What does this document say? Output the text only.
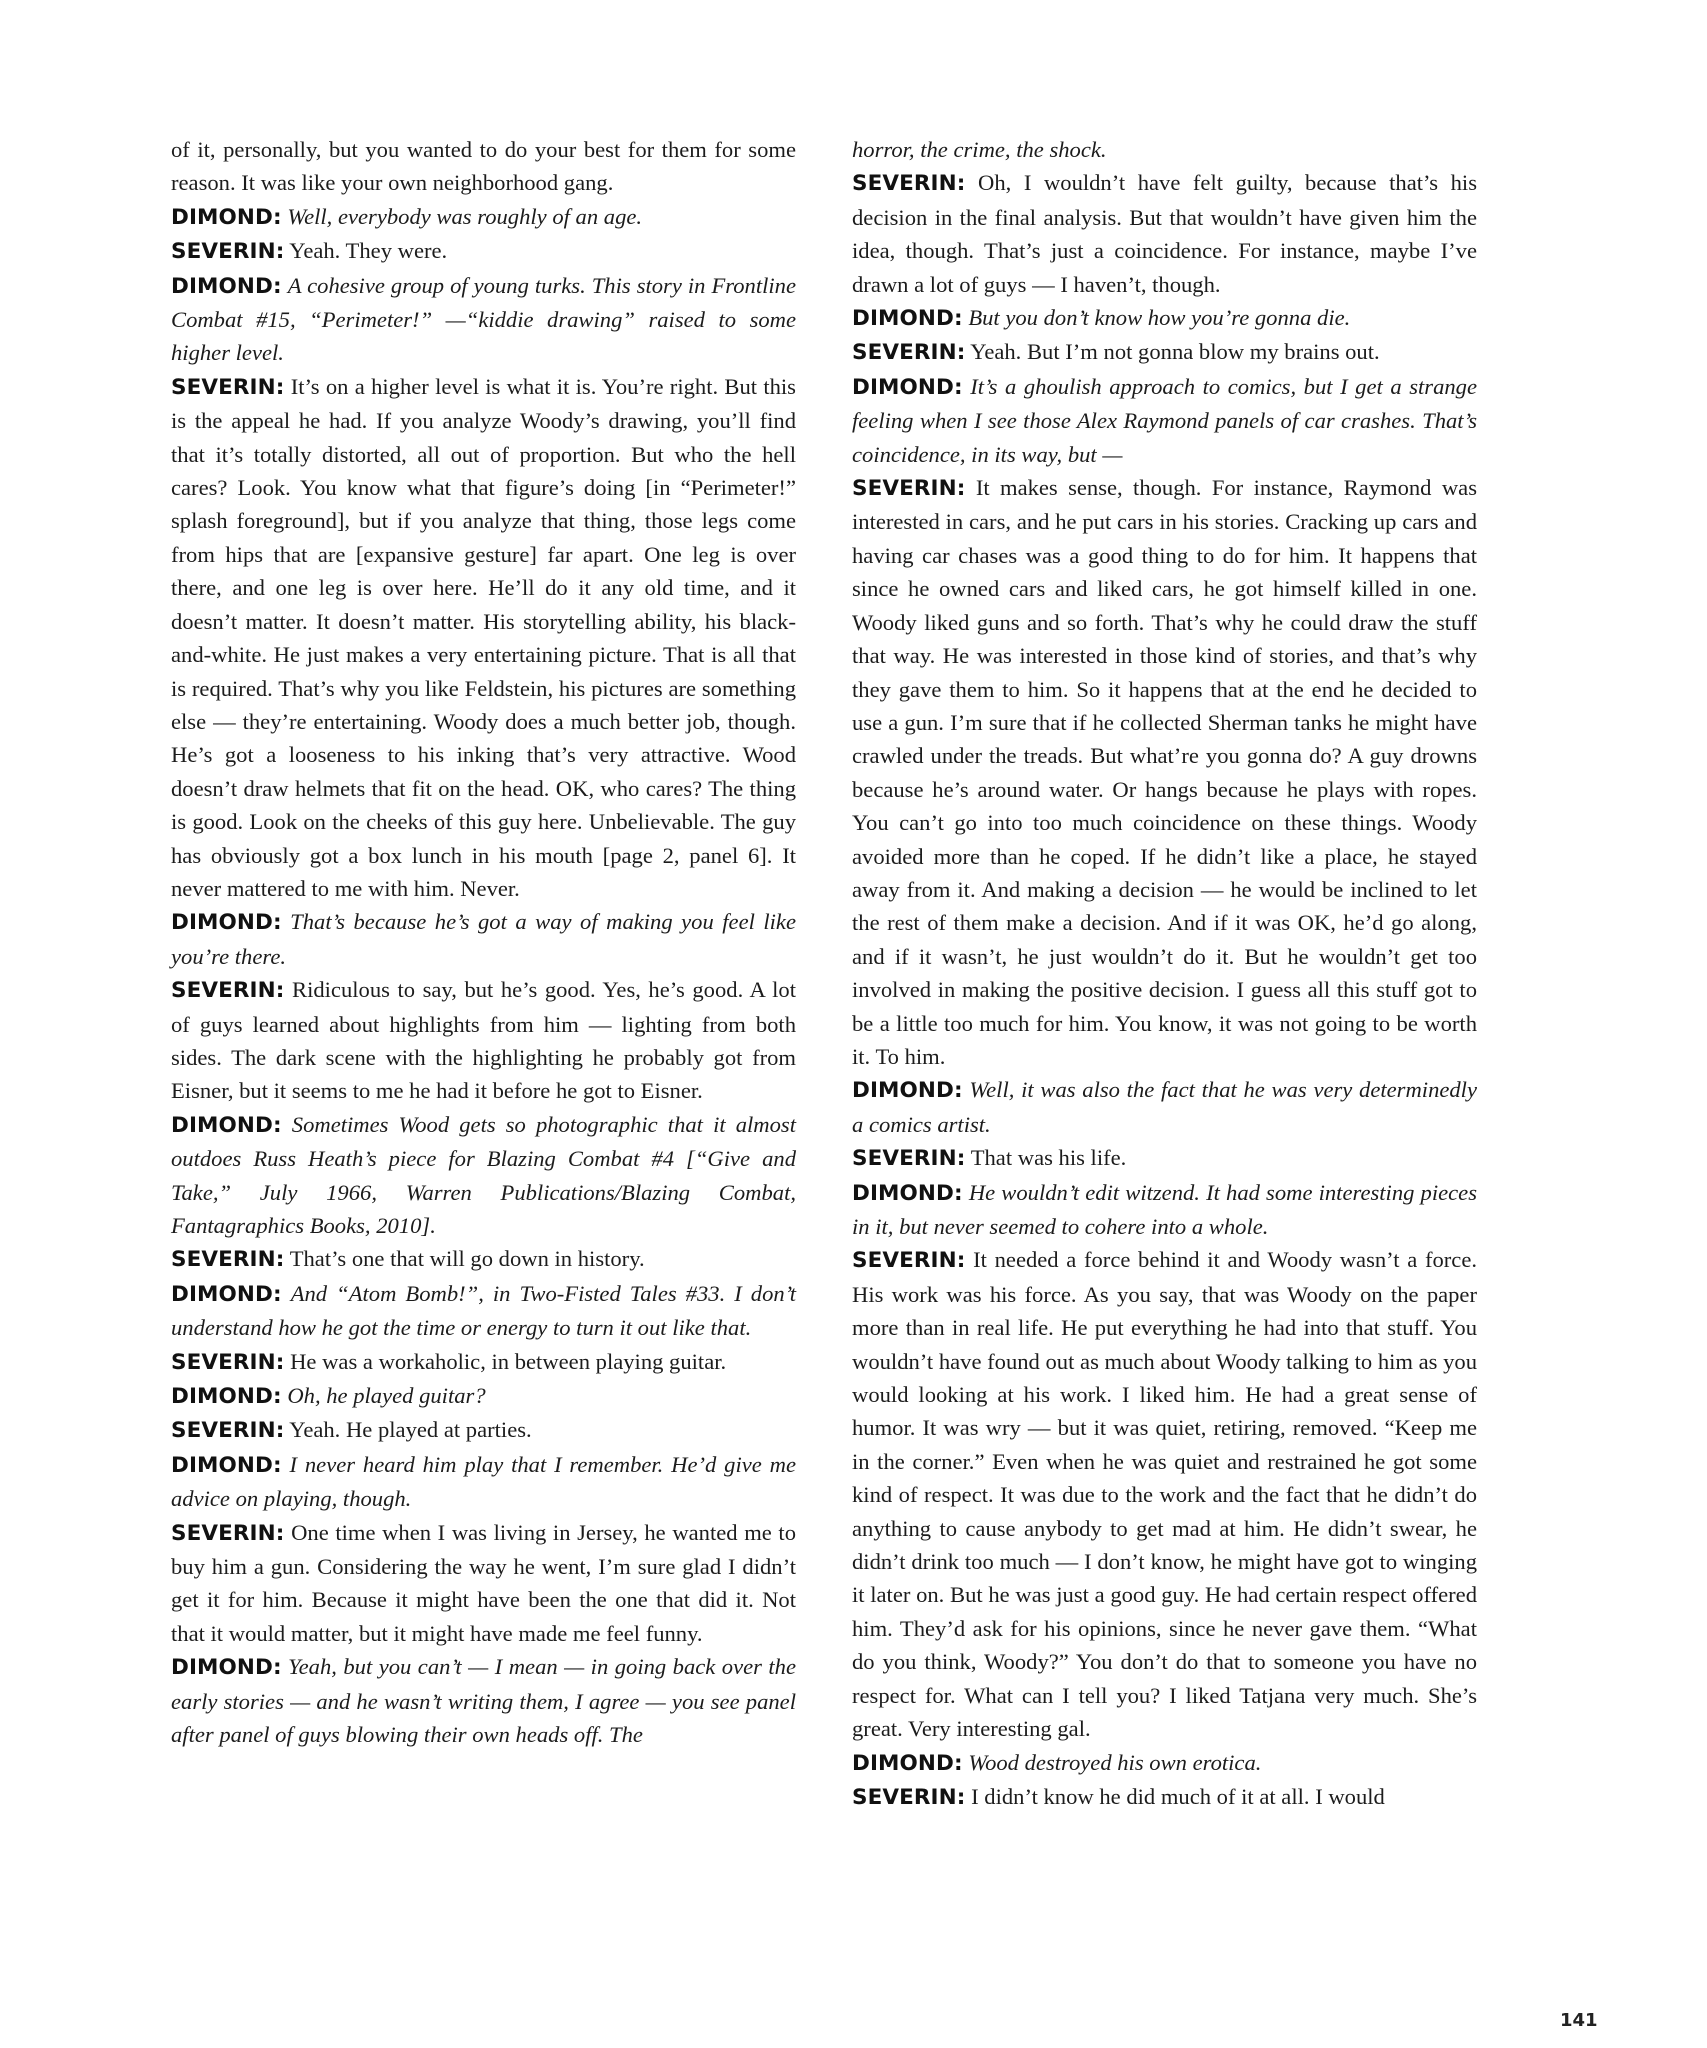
of it, personally, but you wanted to do your best for them for some reason. It was like your own neighborhood gang.

DIMOND: Well, everybody was roughly of an age.

SEVERIN: Yeah. They were.

DIMOND: A cohesive group of young turks. This story in Frontline Combat #15, “Perimeter!” —“kiddie drawing” raised to some higher level.

SEVERIN: It’s on a higher level is what it is. You’re right. But this is the appeal he had. If you analyze Woody’s drawing, you’ll find that it’s totally distorted, all out of proportion. But who the hell cares? Look. You know what that figure’s doing [in “Perimeter!” splash foreground], but if you analyze that thing, those legs come from hips that are [expansive gesture] far apart. One leg is over there, and one leg is over here. He’ll do it any old time, and it doesn’t matter. It doesn’t matter. His storytelling ability, his black-and-white. He just makes a very entertaining picture. That is all that is required. That’s why you like Feldstein, his pictures are something else — they’re entertaining. Woody does a much better job, though. He’s got a looseness to his inking that’s very attractive. Wood doesn’t draw helmets that fit on the head. OK, who cares? The thing is good. Look on the cheeks of this guy here. Unbelievable. The guy has obviously got a box lunch in his mouth [page 2, panel 6]. It never mattered to me with him. Never.

DIMOND: That’s because he’s got a way of making you feel like you’re there.

SEVERIN: Ridiculous to say, but he’s good. Yes, he’s good. A lot of guys learned about highlights from him — lighting from both sides. The dark scene with the highlighting he probably got from Eisner, but it seems to me he had it before he got to Eisner.

DIMOND: Sometimes Wood gets so photographic that it almost outdoes Russ Heath’s piece for Blazing Combat #4 [“Give and Take,” July 1966, Warren Publications/Blazing Combat, Fantagraphics Books, 2010].

SEVERIN: That’s one that will go down in history.

DIMOND: And “Atom Bomb!”, in Two-Fisted Tales #33. I don’t understand how he got the time or energy to turn it out like that.

SEVERIN: He was a workaholic, in between playing guitar.

DIMOND: Oh, he played guitar?

SEVERIN: Yeah. He played at parties.

DIMOND: I never heard him play that I remember. He’d give me advice on playing, though.

SEVERIN: One time when I was living in Jersey, he wanted me to buy him a gun. Considering the way he went, I’m sure glad I didn’t get it for him. Because it might have been the one that did it. Not that it would matter, but it might have made me feel funny.

DIMOND: Yeah, but you can’t — I mean — in going back over the early stories — and he wasn’t writing them, I agree — you see panel after panel of guys blowing their own heads off. The

horror, the crime, the shock.

SEVERIN: Oh, I wouldn’t have felt guilty, because that’s his decision in the final analysis. But that wouldn’t have given him the idea, though. That’s just a coincidence. For instance, maybe I’ve drawn a lot of guys — I haven’t, though.

DIMOND: But you don’t know how you’re gonna die.

SEVERIN: Yeah. But I’m not gonna blow my brains out.

DIMOND: It’s a ghoulish approach to comics, but I get a strange feeling when I see those Alex Raymond panels of car crashes. That’s coincidence, in its way, but —

SEVERIN: It makes sense, though. For instance, Raymond was interested in cars, and he put cars in his stories. Cracking up cars and having car chases was a good thing to do for him. It happens that since he owned cars and liked cars, he got himself killed in one. Woody liked guns and so forth. That’s why he could draw the stuff that way. He was interested in those kind of stories, and that’s why they gave them to him. So it happens that at the end he decided to use a gun. I’m sure that if he collected Sherman tanks he might have crawled under the treads. But what’re you gonna do? A guy drowns because he’s around water. Or hangs because he plays with ropes. You can’t go into too much coincidence on these things. Woody avoided more than he coped. If he didn’t like a place, he stayed away from it. And making a decision — he would be inclined to let the rest of them make a decision. And if it was OK, he’d go along, and if it wasn’t, he just wouldn’t do it. But he wouldn’t get too involved in making the positive decision. I guess all this stuff got to be a little too much for him. You know, it was not going to be worth it. To him.

DIMOND: Well, it was also the fact that he was very determinedly a comics artist.

SEVERIN: That was his life.

DIMOND: He wouldn’t edit witzend. It had some interesting pieces in it, but never seemed to cohere into a whole.

SEVERIN: It needed a force behind it and Woody wasn’t a force. His work was his force. As you say, that was Woody on the paper more than in real life. He put everything he had into that stuff. You wouldn’t have found out as much about Woody talking to him as you would looking at his work. I liked him. He had a great sense of humor. It was wry — but it was quiet, retiring, removed. “Keep me in the corner.” Even when he was quiet and restrained he got some kind of respect. It was due to the work and the fact that he didn’t do anything to cause anybody to get mad at him. He didn’t swear, he didn’t drink too much — I don’t know, he might have got to winging it later on. But he was just a good guy. He had certain respect offered him. They’d ask for his opinions, since he never gave them. “What do you think, Woody?” You don’t do that to someone you have no respect for. What can I tell you? I liked Tatjana very much. She’s great. Very interesting gal.

DIMOND: Wood destroyed his own erotica.

SEVERIN: I didn’t know he did much of it at all. I would

141
